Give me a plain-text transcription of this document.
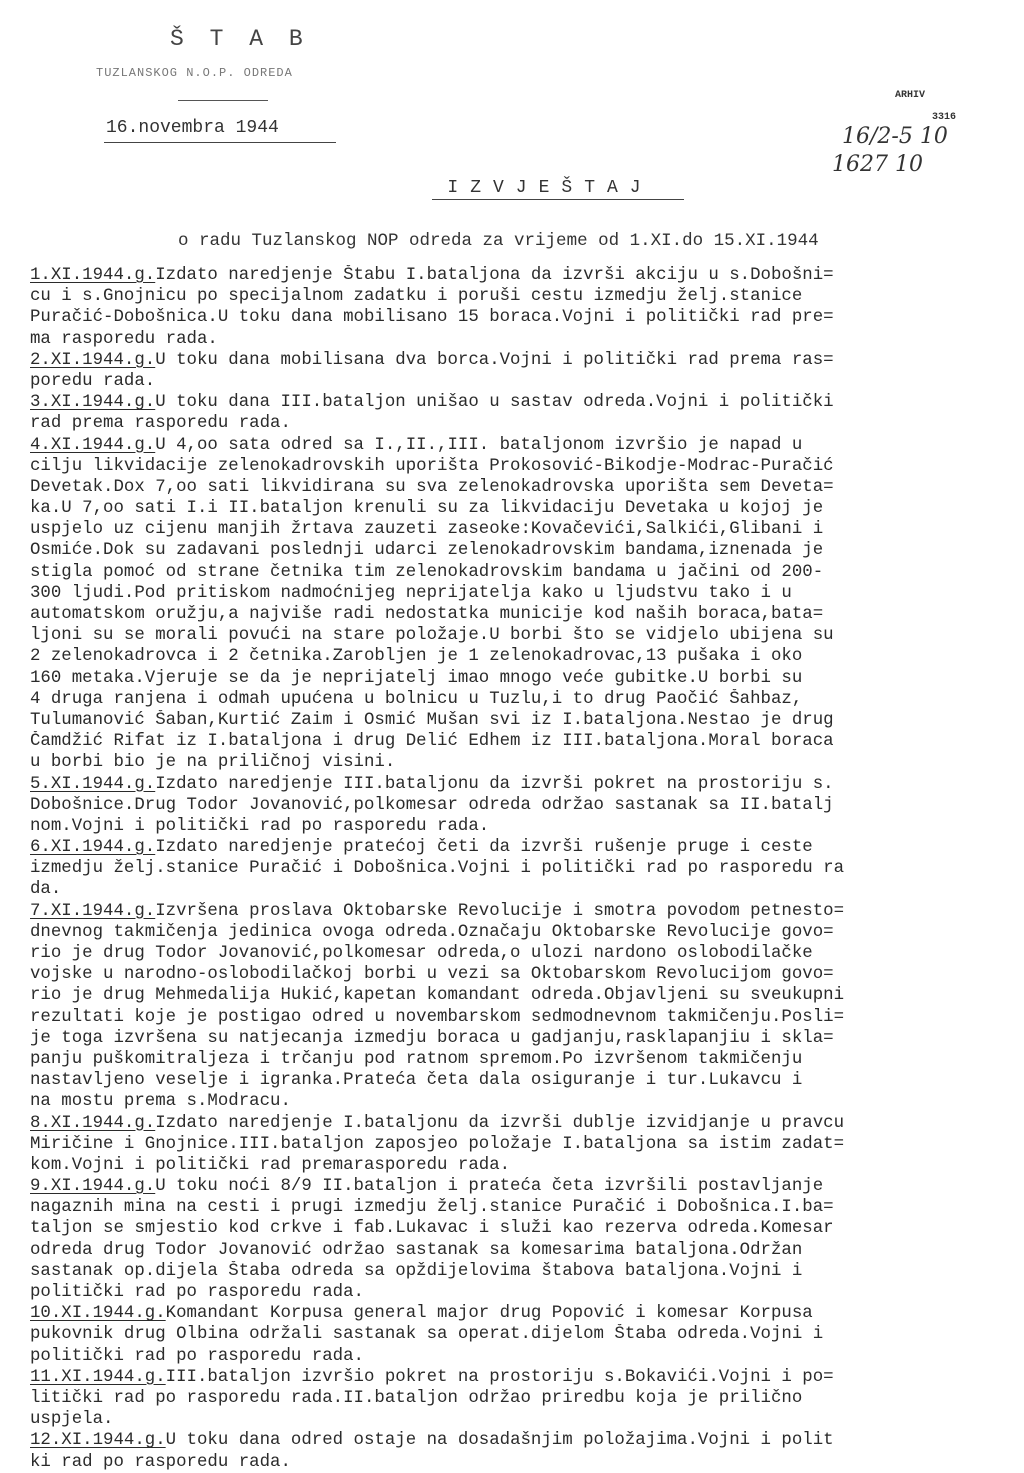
Š T A B
TUZLANSKOG N.O.P. ODREDA
16.novembra 1944
ARHIV
3316
16/2-5 10
1627 10
IZVJEŠTAJ
o radu Tuzlanskog NOP odreda za vrijeme od 1.XI.do 15.XI.1944
1.XI.1944.g.Izdato naredjenje Štabu I.bataljona da izvrši akciju u s.Dobošni=
cu i s.Gnojnicu po specijalnom zadatku i poruši cestu izmedju želj.stanice
Puračić-Dobošnica.U toku dana mobilisano 15 boraca.Vojni i politički rad pre=
ma rasporedu rada.
2.XI.1944.g.U toku dana mobilisana dva borca.Vojni i politički rad prema ras=
poredu rada.
3.XI.1944.g.U toku dana III.bataljon unišao u sastav odreda.Vojni i politički
rad prema rasporedu rada.
4.XI.1944.g.U 4,oo sata odred sa I.,II.,III. bataljonom izvršio je napad u
cilju likvidacije zelenokadrovskih uporišta Prokosović-Bikodje-Modrac-Puračić
Devetak.Dox 7,oo sati likvidirana su sva zelenokadrovska uporišta sem Deveta=
ka.U 7,oo sati I.i II.bataljon krenuli su za likvidaciju Devetaka u kojoj je
uspjelo uz cijenu manjih žrtava zauzeti zaseoke:Kovačevići,Salkići,Glibani i
Osmiće.Dok su zadavani poslednji udarci zelenokadrovskim bandama,iznenada je
stigla pomoć od strane četnika tim zelenokadrovskim bandama u jačini od 200-
300 ljudi.Pod pritiskom nadmoćnijeg neprijatelja kako u ljudstvu tako i u
automatskom oružju,a najviše radi nedostatka municije kod naših boraca,bata=
ljoni su se morali povući na stare položaje.U borbi što se vidjelo ubijena su
2 zelenokadrovca i 2 četnika.Zarobljen je 1 zelenokadrovac,13 pušaka i oko
160 metaka.Vjeruje se da je neprijatelj imao mnogo veće gubitke.U borbi su
4 druga ranjena i odmah upućena u bolnicu u Tuzlu,i to drug Paočić Šahbaz,
Tulumanović Šaban,Kurtić Zaim i Osmić Mušan svi iz I.bataljona.Nestao je drug
Čamdžić Rifat iz I.bataljona i drug Delić Edhem iz III.bataljona.Moral boraca
u borbi bio je na priličnoj visini.
5.XI.1944.g.Izdato naredjenje III.bataljonu da izvrši pokret na prostoriju s.
Dobošnice.Drug Todor Jovanović,polkomesar odreda održao sastanak sa II.batalj
nom.Vojni i politički rad po rasporedu rada.
6.XI.1944.g.Izdato naredjenje pratećoj četi da izvrši rušenje pruge i ceste
izmedju želj.stanice Puračić i Dobošnica.Vojni i politički rad po rasporedu ra
da.
7.XI.1944.g.Izvršena proslava Oktobarske Revolucije i smotra povodom petnesto=
dnevnog takmičenja jedinica ovoga odreda.Označaju Oktobarske Revolucije govo=
rio je drug Todor Jovanović,polkomesar odreda,o ulozi nardono oslobodilačke
vojske u narodno-oslobodilačkoj borbi u vezi sa Oktobarskom Revolucijom govo=
rio je drug Mehmedalija Hukić,kapetan komandant odreda.Objavljeni su sveukupni
rezultati koje je postigao odred u novembarskom sedmodnevnom takmičenju.Posli=
je toga izvršena su natjecanja izmedju boraca u gadjanju,rasklapanjiu i skla=
panju puškomitraljeza i trčanju pod ratnom spremom.Po izvršenom takmičenju
nastavljeno veselje i igranka.Prateća četa dala osiguranje i tur.Lukavcu i
na mostu prema s.Modracu.
8.XI.1944.g.Izdato naredjenje I.bataljonu da izvrši dublje izvidjanje u pravcu
Miričine i Gnojnice.III.bataljon zaposjeo položaje I.bataljona sa istim zadat=
kom.Vojni i politički rad premarasporedu rada.
9.XI.1944.g.U toku noći 8/9 II.bataljon i prateća četa izvršili postavljanje
nagaznih mina na cesti i prugi izmedju želj.stanice Puračić i Dobošnica.I.ba=
taljon se smjestio kod crkve i fab.Lukavac i služi kao rezerva odreda.Komesar
odreda drug Todor Jovanović održao sastanak sa komesarima bataljona.Održan
sastanak op.dijela Štaba odreda sa opždijelovima štabova bataljona.Vojni i
politički rad po rasporedu rada.
10.XI.1944.g.Komandant Korpusa general major drug Popović i komesar Korpusa
pukovnik drug Olbina održali sastanak sa operat.dijelom Štaba odreda.Vojni i
politički rad po rasporedu rada.
11.XI.1944.g.III.bataljon izvršio pokret na prostoriju s.Bokavići.Vojni i po=
litički rad po rasporedu rada.II.bataljon održao priredbu koja je prilično
uspjela.
12.XI.1944.g.U toku dana odred ostaje na dosadašnjim položajima.Vojni i polit
ki rad po rasporedu rada.
